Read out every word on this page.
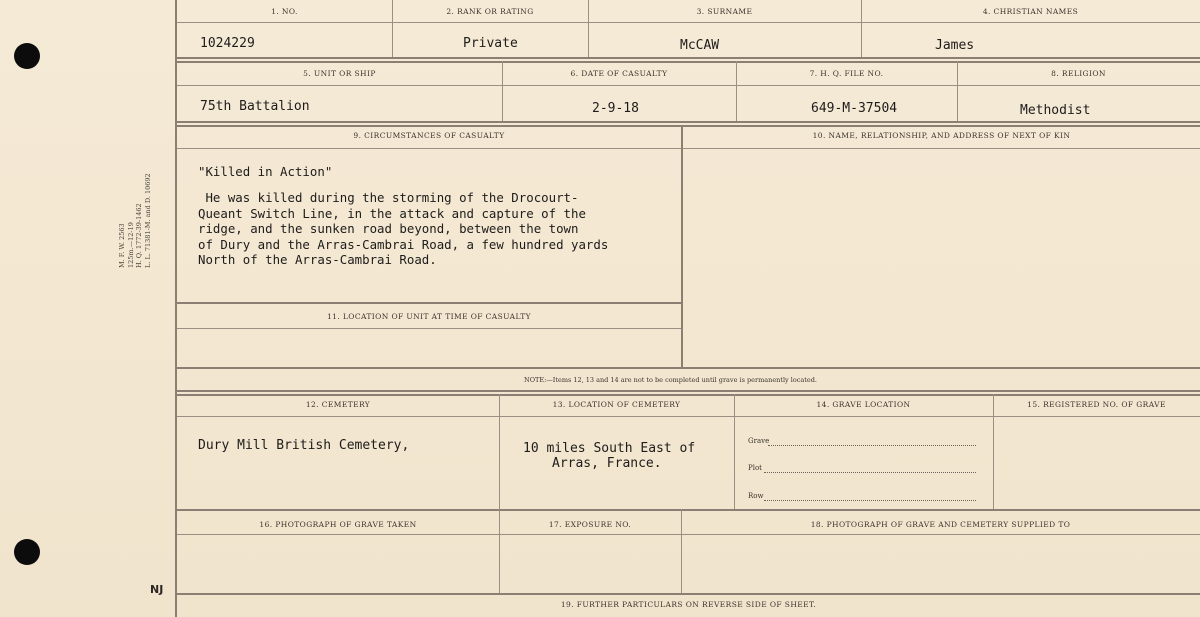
M. F. W. 2563 125m.—12-19 H. Q. 1772-39-1462 L. L. 71381-M. and D. 10692
NJ
1. NO.	2. RANK OR RATING	3. SURNAME	4. CHRISTIAN NAMES
1024229	Private	McCAW	James
5. UNIT OR SHIP	6. DATE OF CASUALTY	7. H. Q. FILE NO.	8. RELIGION
75th Battalion	2-9-18	649-M-37504	Methodist
9. CIRCUMSTANCES OF CASUALTY	10. NAME, RELATIONSHIP, AND ADDRESS OF NEXT OF KIN
"Killed in Action"
He was killed during the storming of the Drocourt-
Queant Switch Line, in the attack and capture of the
ridge, and the sunken road beyond, between the town
of Dury and the Arras-Cambrai Road, a few hundred yards
North of the Arras-Cambrai Road.
11. LOCATION OF UNIT AT TIME OF CASUALTY
NOTE:—Items 12, 13 and 14 are not to be completed until grave is permanently located.
12. CEMETERY	13. LOCATION OF CEMETERY	14. GRAVE LOCATION	15. REGISTERED NO. OF GRAVE
Dury Mill British Cemetery,	10 miles South East of
Arras, France.
Grave
Plot
Row
16. PHOTOGRAPH OF GRAVE TAKEN	17. EXPOSURE NO.	18. PHOTOGRAPH OF GRAVE AND CEMETERY SUPPLIED TO
19. FURTHER PARTICULARS ON REVERSE SIDE OF SHEET.
